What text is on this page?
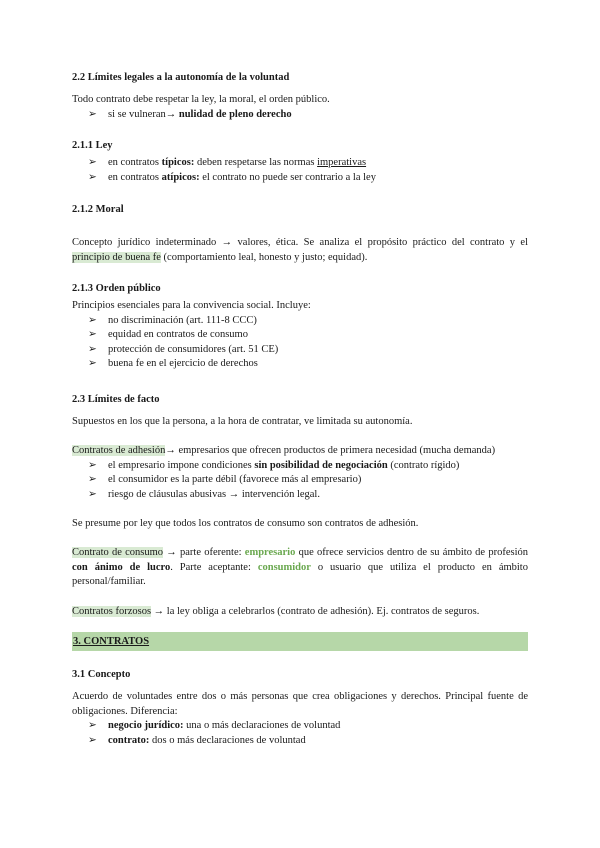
2.2 Límites legales a la autonomía de la voluntad
Todo contrato debe respetar la ley, la moral, el orden público.
➢ si se vulneran→ nulidad de pleno derecho
2.1.1 Ley
➢ en contratos típicos: deben respetarse las normas imperativas
➢ en contratos atípicos: el contrato no puede ser contrario a la ley
2.1.2 Moral
Concepto jurídico indeterminado → valores, ética. Se analiza el propósito práctico del contrato y el principio de buena fe (comportamiento leal, honesto y justo; equidad).
2.1.3 Orden público
Principios esenciales para la convivencia social. Incluye:
➢ no discriminación (art. 111-8 CCC)
➢ equidad en contratos de consumo
➢ protección de consumidores (art. 51 CE)
➢ buena fe en el ejercicio de derechos
2.3 Límites de facto
Supuestos en los que la persona, a la hora de contratar, ve limitada su autonomía.
Contratos de adhesión→ empresarios que ofrecen productos de primera necesidad (mucha demanda)
➢ el empresario impone condiciones sin posibilidad de negociación (contrato rígido)
➢ el consumidor es la parte débil (favorece más al empresario)
➢ riesgo de cláusulas abusivas → intervención legal.
Se presume por ley que todos los contratos de consumo son contratos de adhesión.
Contrato de consumo → parte oferente: empresario que ofrece servicios dentro de su ámbito de profesión con ánimo de lucro. Parte aceptante: consumidor o usuario que utiliza el producto en ámbito personal/familiar.
Contratos forzosos → la ley obliga a celebrarlos (contrato de adhesión). Ej. contratos de seguros.
3. CONTRATOS
3.1 Concepto
Acuerdo de voluntades entre dos o más personas que crea obligaciones y derechos. Principal fuente de obligaciones. Diferencia:
➢ negocio jurídico: una o más declaraciones de voluntad
➢ contrato: dos o más declaraciones de voluntad
